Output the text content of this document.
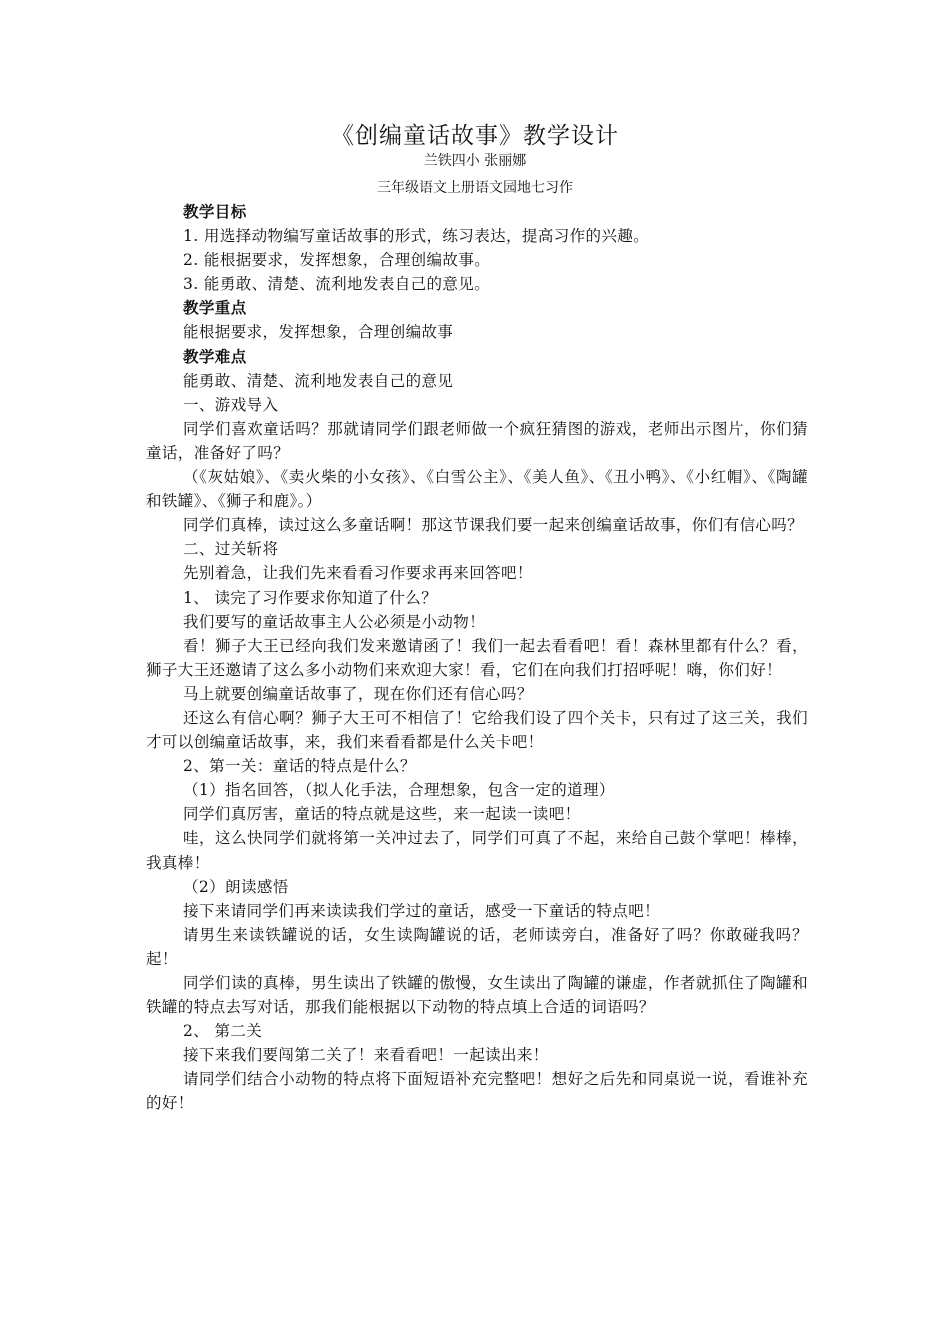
《创编童话故事》教学设计

兰铁四小 张丽娜

三年级语文上册语文园地七习作

教学目标

1. 用选择动物编写童话故事的形式，练习表达，提高习作的兴趣。

2. 能根据要求，发挥想象，合理创编故事。

3. 能勇敢、清楚、流利地发表自己的意见。

教学重点

能根据要求，发挥想象，合理创编故事

教学难点

能勇敢、清楚、流利地发表自己的意见

一、游戏导入

同学们喜欢童话吗？那就请同学们跟老师做一个疯狂猜图的游戏，老师出示图片，你们猜童话，准备好了吗？

（《灰姑娘》、《卖火柴的小女孩》、《白雪公主》、《美人鱼》、《丑小鸭》、《小红帽》、《陶罐和铁罐》、《狮子和鹿》。）

同学们真棒，读过这么多童话啊！那这节课我们要一起来创编童话故事，你们有信心吗？

二、过关斩将

先别着急，让我们先来看看习作要求再来回答吧！

1、 读完了习作要求你知道了什么？

我们要写的童话故事主人公必须是小动物！

看！狮子大王已经向我们发来邀请函了！我们一起去看看吧！看！森林里都有什么？看，狮子大王还邀请了这么多小动物们来欢迎大家！看，它们在向我们打招呼呢！嗨，你们好！

马上就要创编童话故事了，现在你们还有信心吗？

还这么有信心啊？狮子大王可不相信了！它给我们设了四个关卡，只有过了这三关，我们才可以创编童话故事，来，我们来看看都是什么关卡吧！

2、第一关：童话的特点是什么？

（1）指名回答，（拟人化手法，合理想象，包含一定的道理）

同学们真厉害，童话的特点就是这些，来一起读一读吧！

哇，这么快同学们就将第一关冲过去了，同学们可真了不起，来给自己鼓个掌吧！棒棒，我真棒！

（2）朗读感悟

接下来请同学们再来读读我们学过的童话，感受一下童话的特点吧！

请男生来读铁罐说的话，女生读陶罐说的话，老师读旁白，准备好了吗？你敢碰我吗？起！

同学们读的真棒，男生读出了铁罐的傲慢，女生读出了陶罐的谦虚，作者就抓住了陶罐和铁罐的特点去写对话，那我们能根据以下动物的特点填上合适的词语吗？

2、 第二关

接下来我们要闯第二关了！来看看吧！一起读出来！

请同学们结合小动物的特点将下面短语补充完整吧！想好之后先和同桌说一说，看谁补充的好！
